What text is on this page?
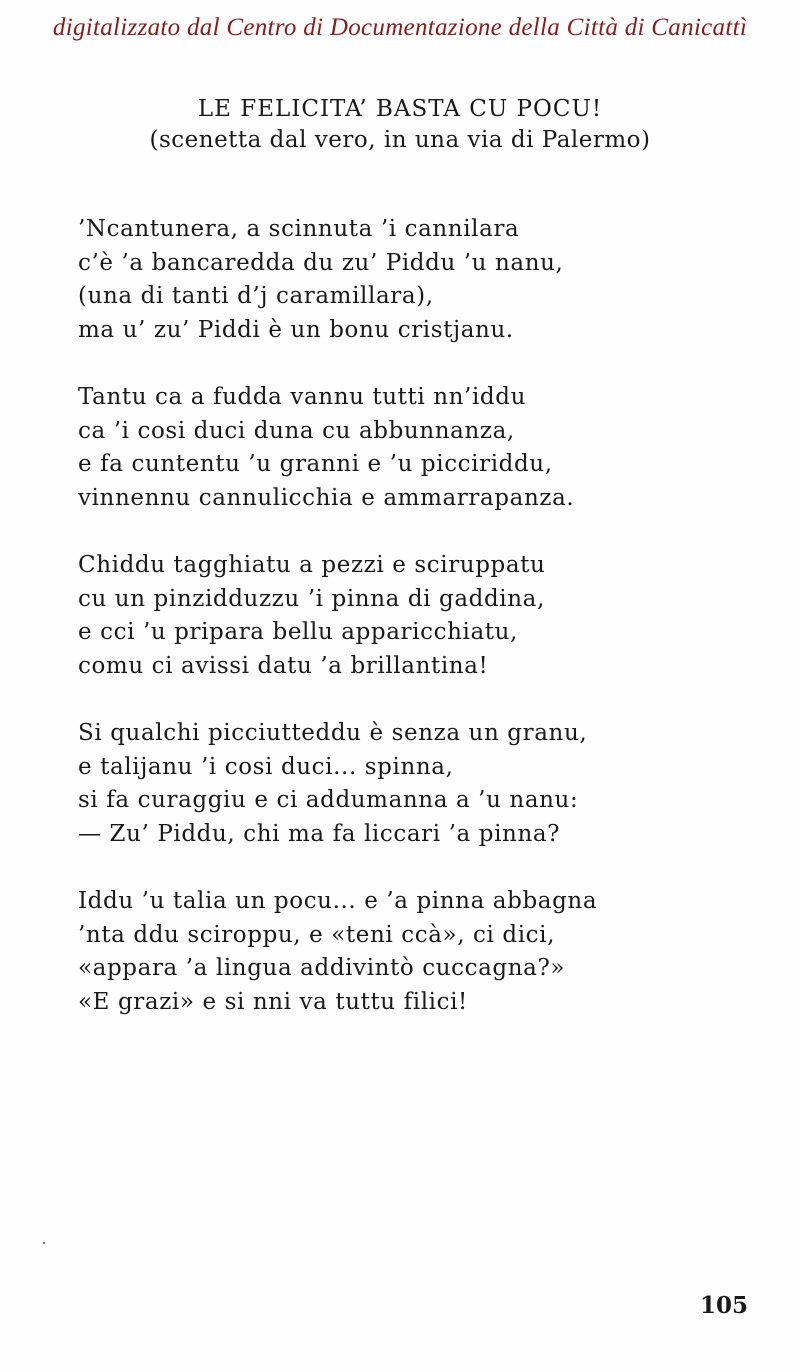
digitalizzato dal Centro di Documentazione della Città di Canicattì
LE FELICITA’ BASTA CU POCU!
(scenetta dal vero, in una via di Palermo)
’Ncantunera, a scinnuta ’i cannilara
c’è ’a bancaredda du zu’ Piddu ’u nanu,
(una di tanti d’j caramillara),
ma u’ zu’ Piddi è un bonu cristjanu.
Tantu ca a fudda vannu tutti nn’iddu
ca ’i cosi duci duna cu abbunnanza,
e fa cuntentu ’u granni e ’u picciriddu,
vinnennu cannulicchia e ammarrapanza.
Chiddu tagghiatu a pezzi e sciruppatu
cu un pinzidduzzu ’i pinna di gaddina,
e cci ’u pripara bellu apparicchiatu,
comu ci avissi datu ’a brillantina!
Si qualchi picciutteddu è senza un granu,
e talijanu ’i cosi duci... spinna,
si fa curaggiu e ci addumanna a ’u nanu:
— Zu’ Piddu, chi ma fa liccari ’a pinna?
Iddu ’u talia un pocu... e ’a pinna abbagna
’nta ddu sciroppu, e «teni ccà», ci dici,
«appara ’a lingua addivintò cuccagna?»
«E grazi» e si nni va tuttu filici!
105
